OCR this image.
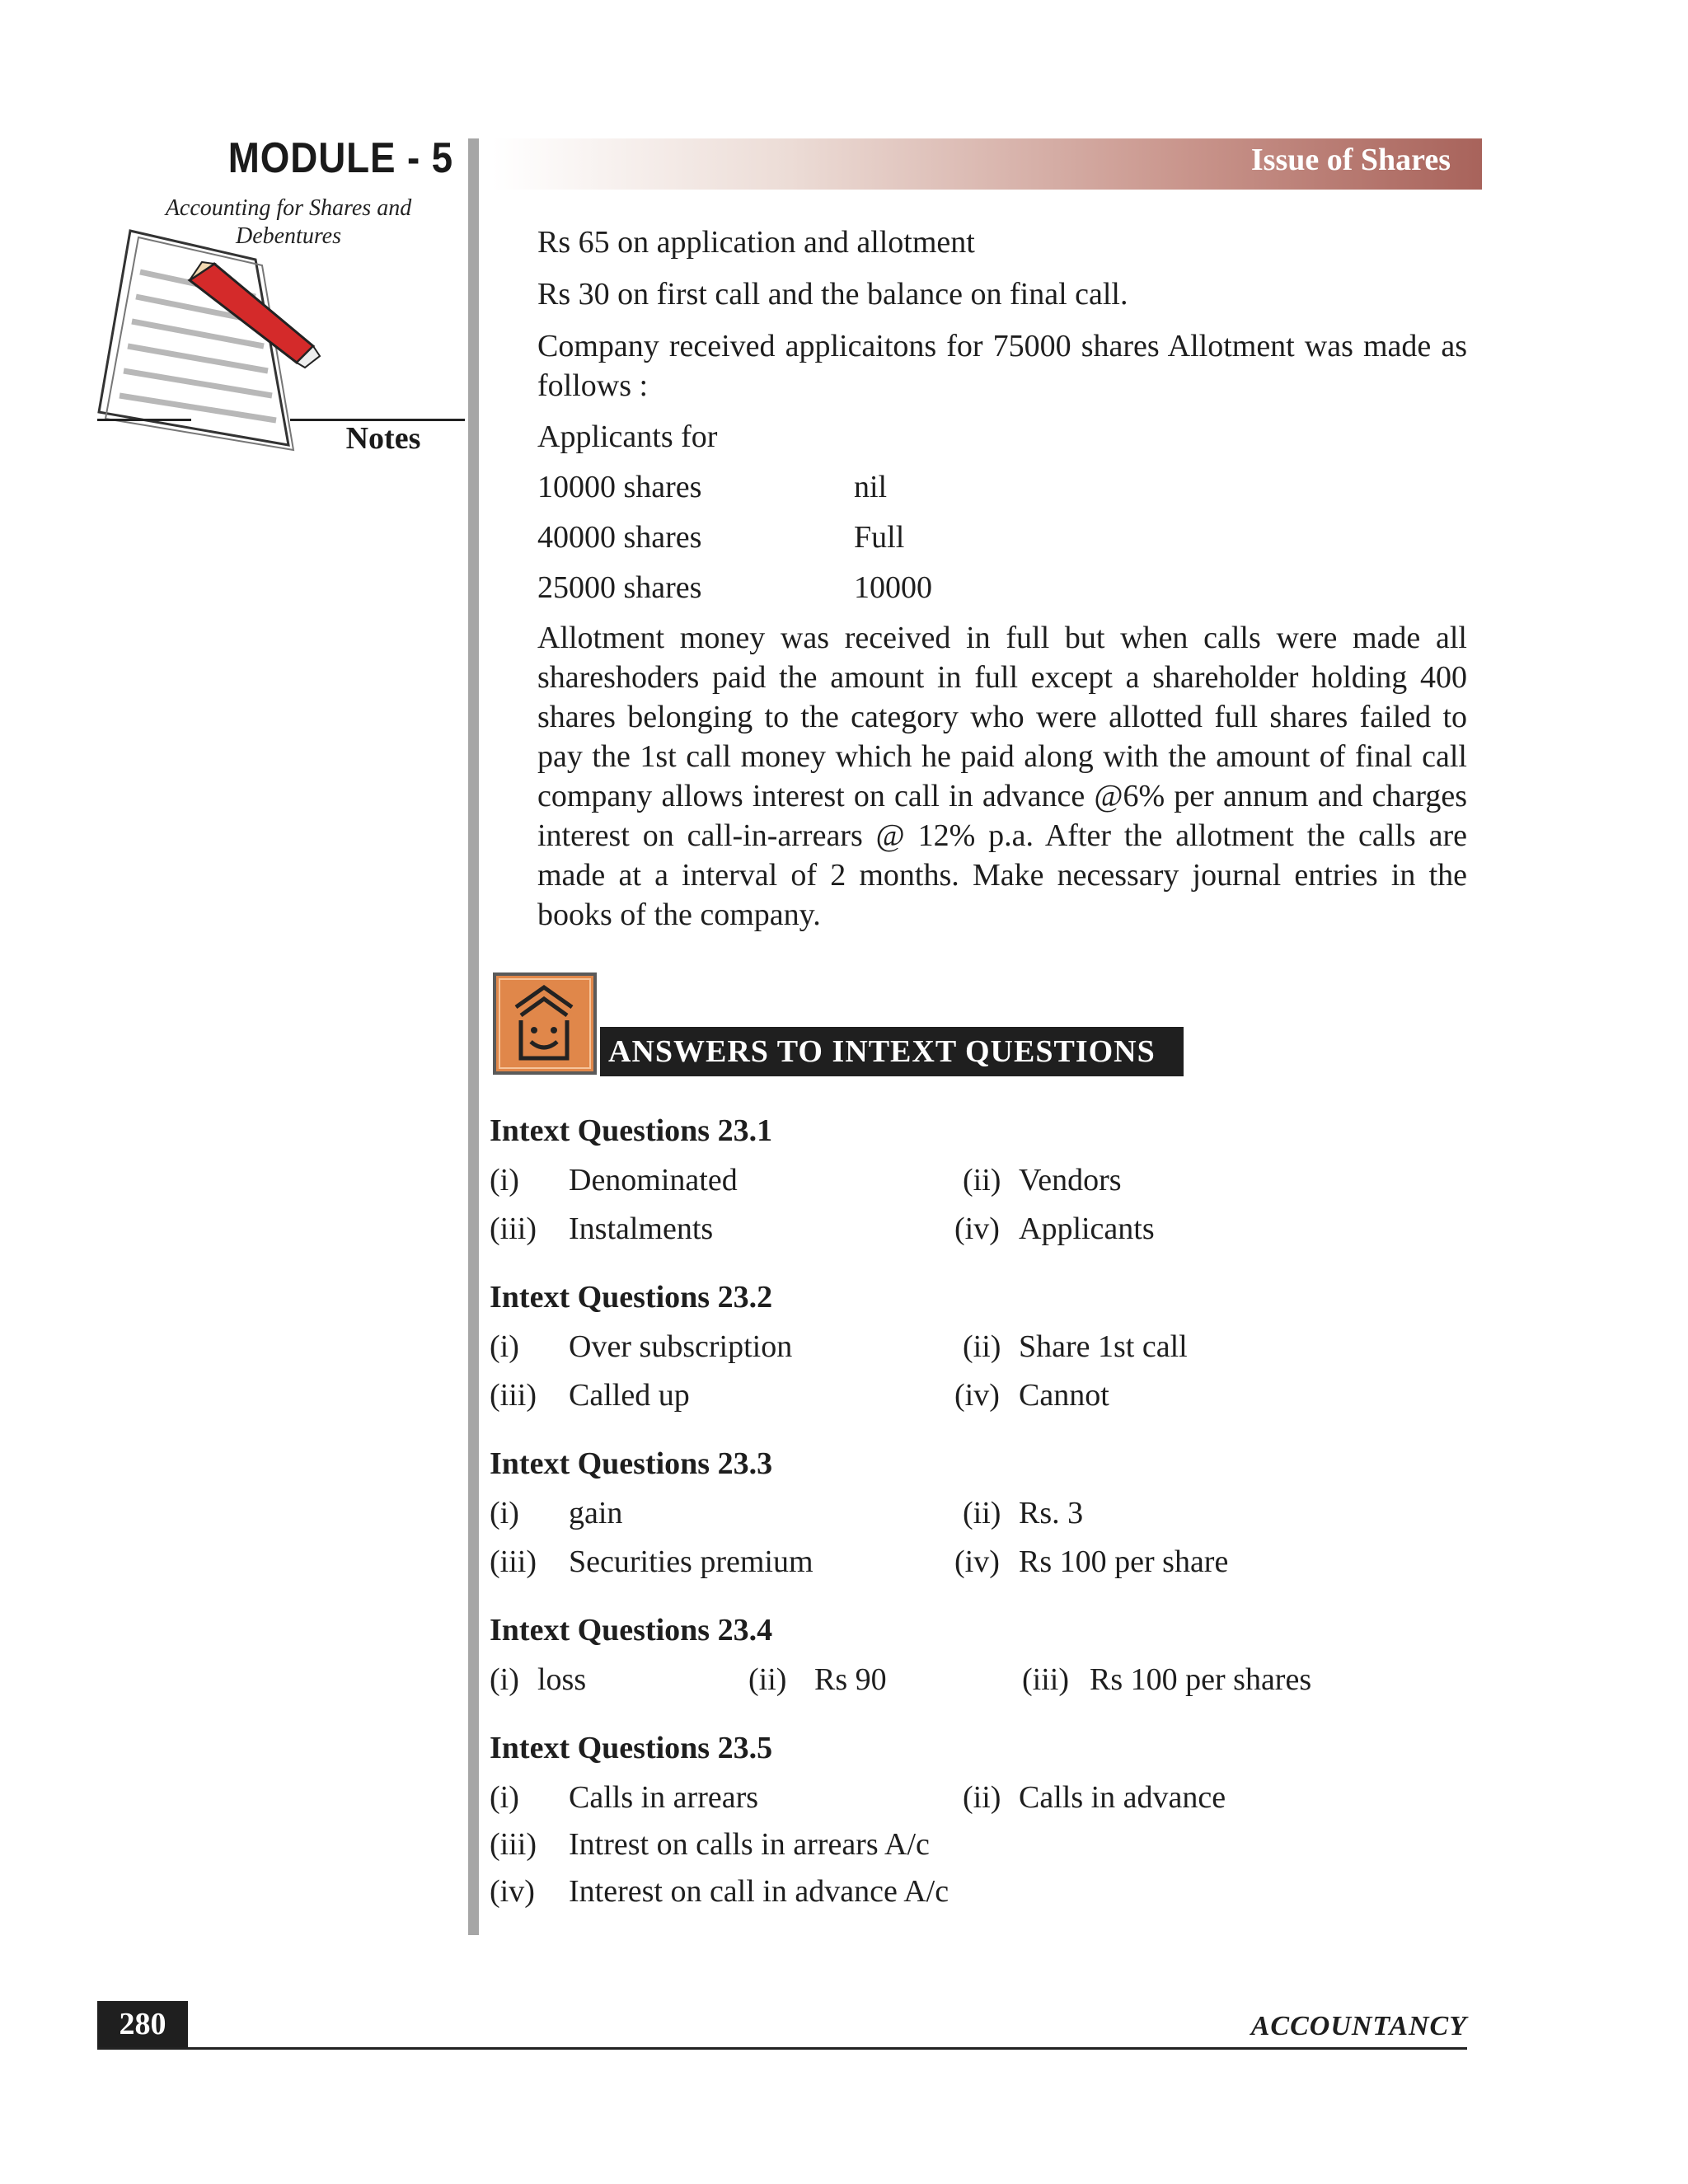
MODULE - 5
Accounting for Shares and Debentures
Notes
Issue of Shares
Rs 65 on application and allotment
Rs 30 on first call and the balance on final call.
Company received applicaitons for 75000 shares Allotment was made as follows :
Applicants for
10000 shares	nil
40000 shares	Full
25000 shares	10000
Allotment money was received in full but when calls were made all shareshoders paid the amount in full except a shareholder holding 400 shares belonging to the category who were allotted full shares failed to pay the 1st call money which he paid along with the amount of final call company allows interest on call in advance @6% per annum and charges interest on call-in-arrears @ 12% p.a. After the allotment the calls are made at a interval of 2 months. Make necessary journal entries in the books of the company.
ANSWERS TO INTEXT QUESTIONS
Intext Questions 23.1
(i) Denominated	(ii) Vendors
(iii) Instalments	(iv) Applicants
Intext Questions 23.2
(i) Over subscription	(ii) Share 1st call
(iii) Called up	(iv) Cannot
Intext Questions 23.3
(i) gain	(ii) Rs. 3
(iii) Securities premium	(iv) Rs 100 per share
Intext Questions 23.4
(i) loss	(ii) Rs 90	(iii) Rs 100 per shares
Intext Questions 23.5
(i) Calls in arrears	(ii) Calls in advance
(iii) Intrest on calls in arrears A/c
(iv) Interest on call in advance A/c
280	ACCOUNTANCY
